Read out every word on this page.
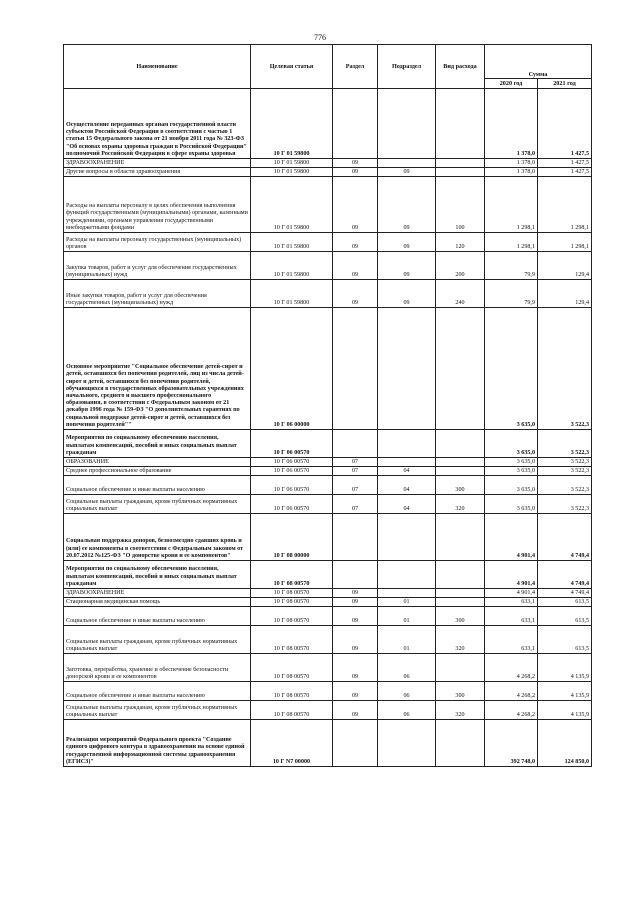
776
Наименование	Целевая статья	Раздел	Подраздел	Вид расхода	Сумма	
					2020 год	2021 год
Осуществление переданных органам государственной власти субъектов Российской Федерации в соответствии с частью 1 статьи 15 Федерального закона от 21 ноября 2011 года № 323-ФЗ "Об основах охраны здоровья граждан в Российской Федерации" полномочий Российской Федерации в сфере охраны здоровья	10 Г 01 59800				1 378,0	1 427,5
ЗДРАВООХРАНЕНИЕ	10 Г 01 59800	09			1 378,0	1 427,5
Другие вопросы в области здравоохранения	10 Г 01 59800	09	09		1 378,0	1 427,5
Расходы на выплаты персоналу в целях обеспечения выполнения функций государственными (муниципальными) органами, казенными учреждениями, органами управления государственными внебюджетными фондами	10 Г 01 59800	09	09	100	1 298,1	1 298,1
Расходы на выплаты персоналу государственных (муниципальных) органов	10 Г 01 59800	09	09	120	1 298,1	1 298,1
Закупка товаров, работ и услуг для обеспечения государственных (муниципальных) нужд	10 Г 01 59800	09	09	200	79,9	129,4
Иные закупки товаров, работ и услуг для обеспечения государственных (муниципальных) нужд	10 Г 01 59800	09	09	240	79,9	129,4
Основное мероприятие "Социальное обеспечение детей-сирот и детей, оставшихся без попечения родителей, лиц из числа детей-сирот и детей, оставшихся без попечения родителей, обучающихся в государственных образовательных учреждениях начального, среднего и высшего профессионального образования, в соответствии с Федеральным законом от 21 декабря 1996 года № 159-ФЗ "О дополнительных гарантиях по социальной поддержке детей-сирот и детей, оставшихся без попечения родителей""	10 Г 06 00000				3 635,0	3 522,3
Мероприятия по социальному обеспечению населения, выплатам компенсаций, пособий и иных социальных выплат гражданам	10 Г 06 00570				3 635,0	3 522,3
ОБРАЗОВАНИЕ	10 Г 06 00570	07			3 635,0	3 522,3
Среднее профессиональное образование	10 Г 06 00570	07	04		3 635,0	3 522,3
Социальное обеспечение и иные выплаты населению	10 Г 06 00570	07	04	300	3 635,0	3 522,3
Социальные выплаты гражданам, кроме публичных нормативных социальных выплат	10 Г 06 00570	07	04	320	3 635,0	3 522,3
Социальная поддержка доноров, безвозмездно сдавших кровь и (или) ее компоненты в соответствии с Федеральным законом от 20.07.2012 №125-ФЗ "О донорстве крови и ее компонентов"	10 Г 08 00000				4 901,4	4 749,4
Мероприятия по социальному обеспечению населения, выплатам компенсаций, пособий и иных социальных выплат гражданам	10 Г 08 00570				4 901,4	4 749,4
ЗДРАВООХРАНЕНИЕ	10 Г 08 00570	09			4 901,4	4 749,4
Стационарная медицинская помощь	10 Г 08 00570	09	01		633,1	613,5
Социальное обеспечение и иные выплаты населению	10 Г 08 00570	09	01	300	633,1	613,5
Социальные выплаты гражданам, кроме публичных нормативных социальных выплат	10 Г 08 00570	09	01	320	633,1	613,5
Заготовка, переработка, хранение и обеспечение безопасности донорской крови и ее компонентов	10 Г 08 00570	09	06		4 268,2	4 135,9
Социальное обеспечение и иные выплаты населению	10 Г 08 00570	09	06	300	4 268,2	4 135,9
Социальные выплаты гражданам, кроме публичных нормативных социальных выплат	10 Г 08 00570	09	06	320	4 268,2	4 135,9
Реализация мероприятий Федерального проекта "Создание единого цифрового контура в здравоохранении на основе единой государственной информационной системы здравоохранения (ЕГИСЗ)"	10 Г N7 00000				392 748,0	124 850,0
